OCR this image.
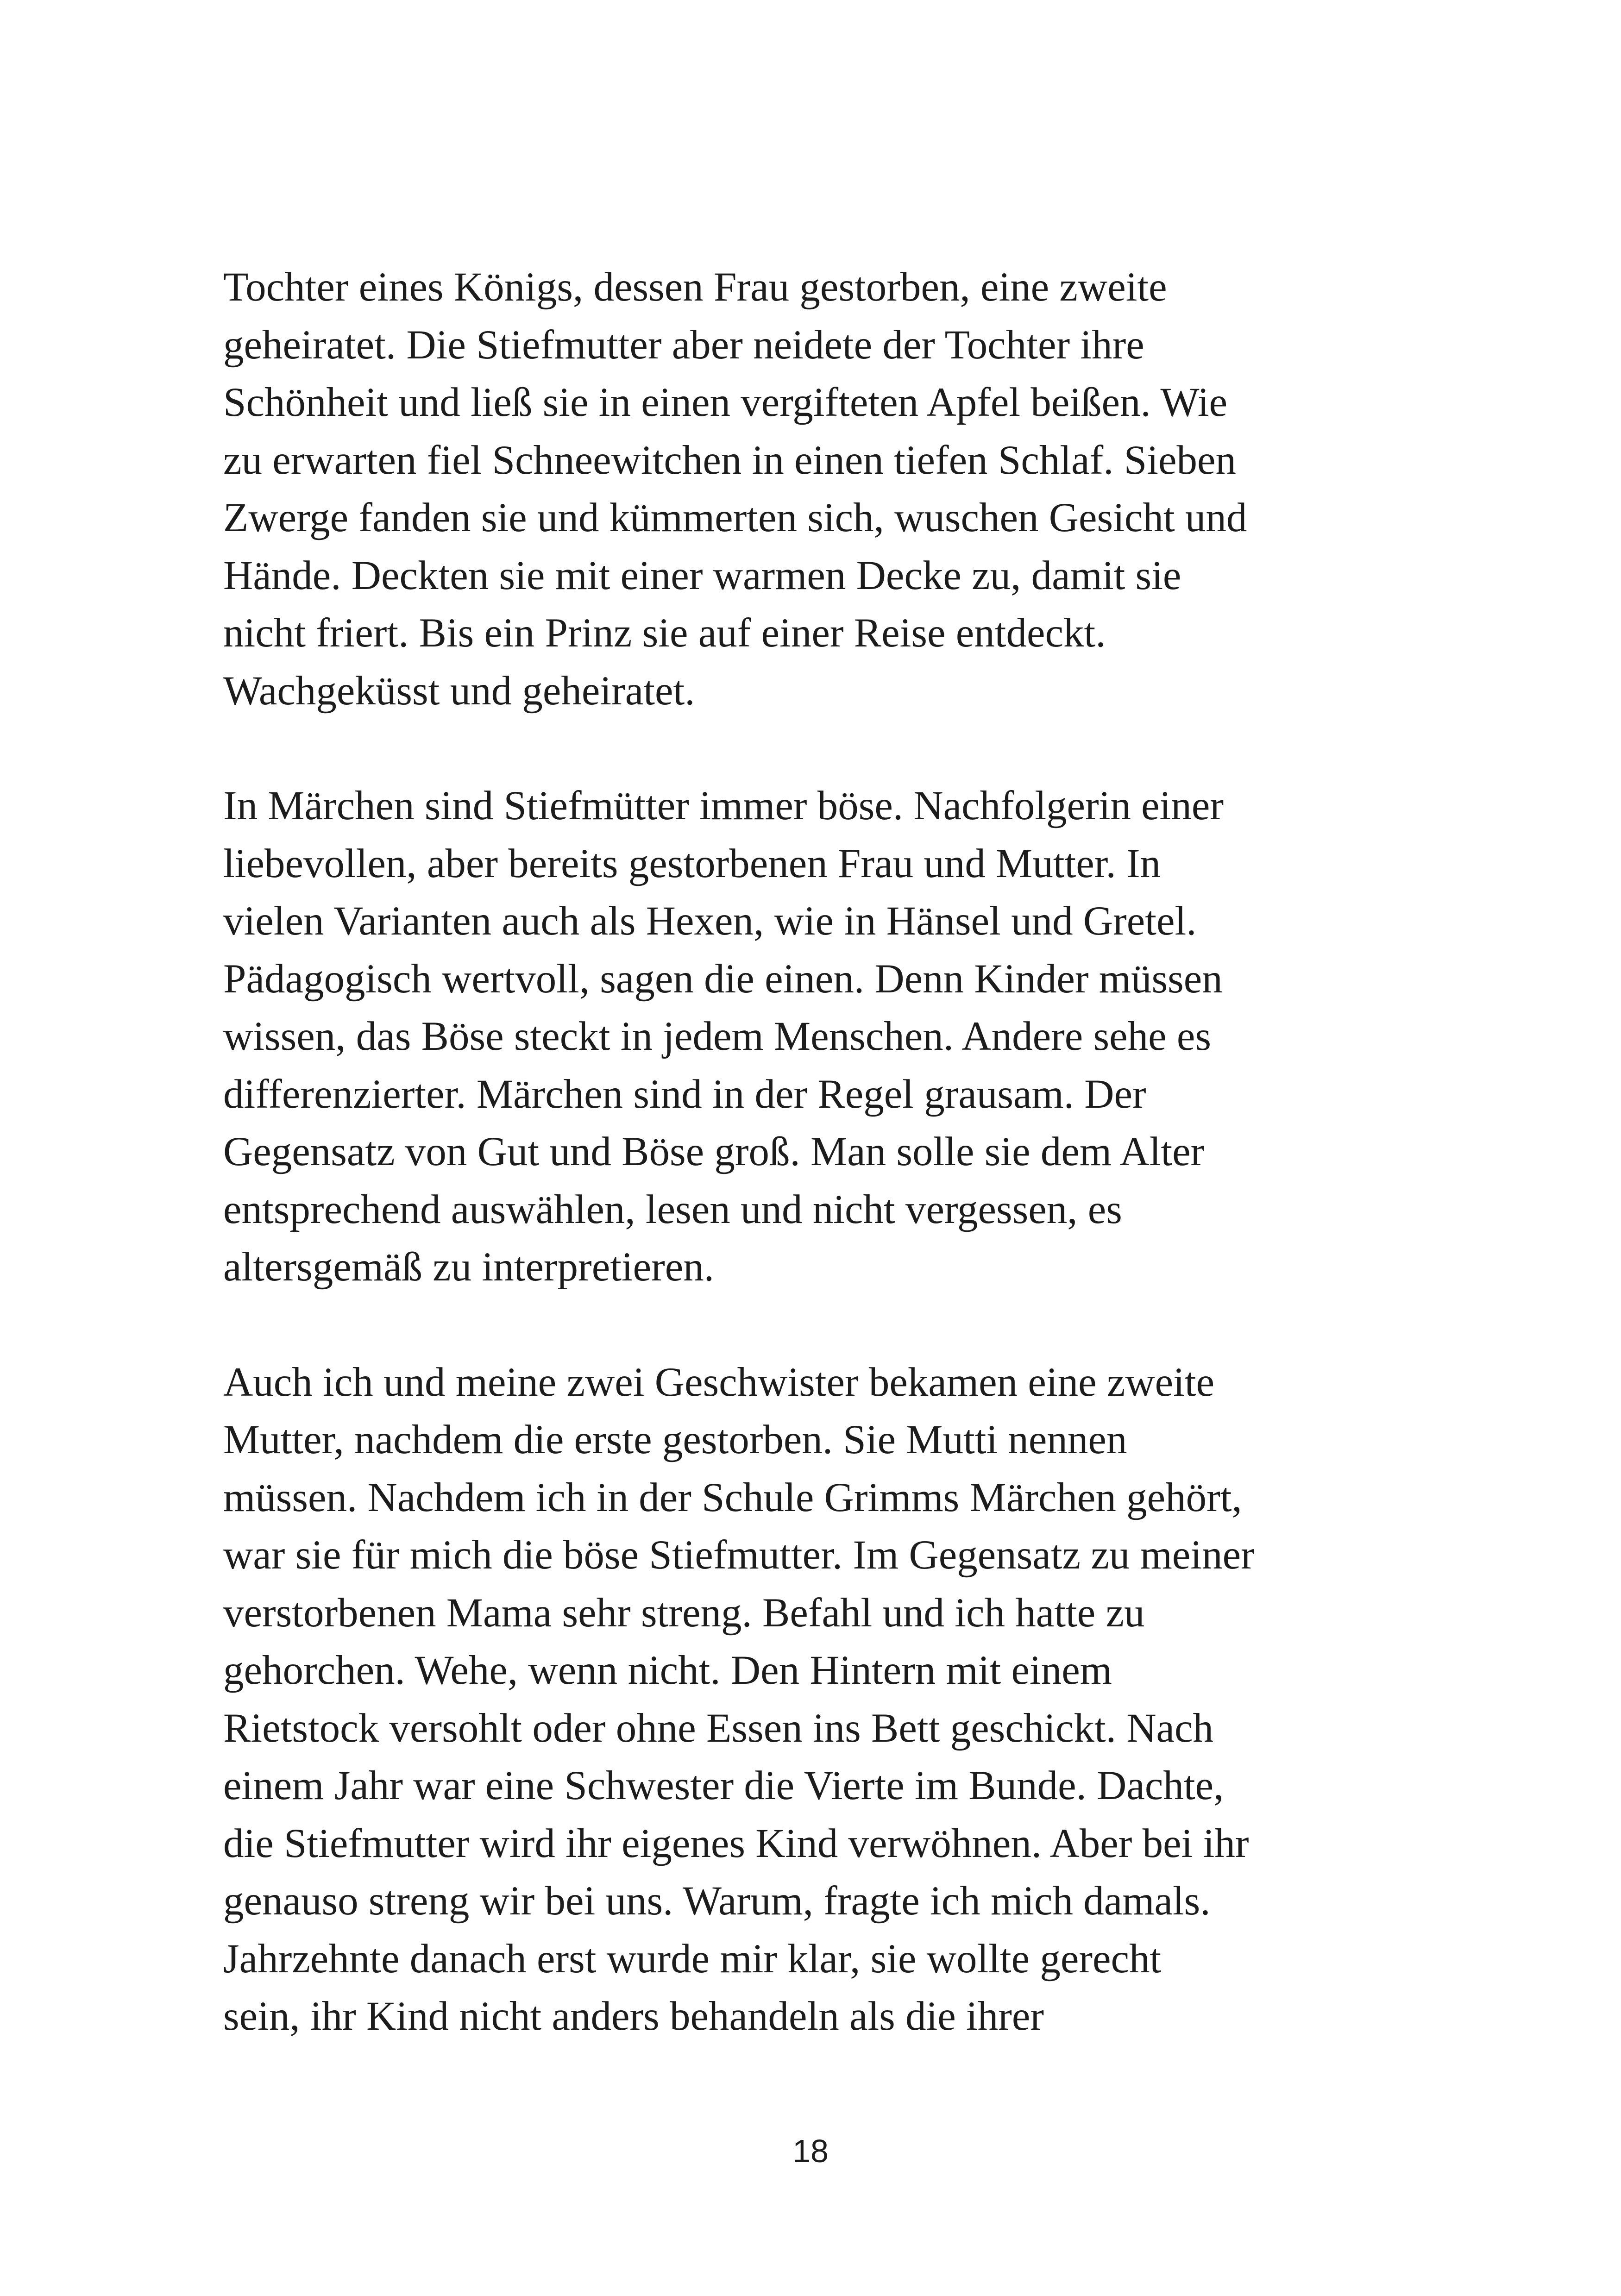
Tochter eines Königs, dessen Frau gestorben, eine zweite
geheiratet. Die Stiefmutter aber neidete der Tochter ihre
Schönheit und ließ sie in einen vergifteten Apfel beißen. Wie
zu erwarten fiel Schneewitchen in einen tiefen Schlaf. Sieben
Zwerge fanden sie und kümmerten sich, wuschen Gesicht und
Hände. Deckten sie mit einer warmen Decke zu, damit sie
nicht friert. Bis ein Prinz sie auf einer Reise entdeckt.
Wachgeküsst und geheiratet.

In Märchen sind Stiefmütter immer böse. Nachfolgerin einer
liebevollen, aber bereits gestorbenen Frau und Mutter. In
vielen Varianten auch als Hexen, wie in Hänsel und Gretel.
Pädagogisch wertvoll, sagen die einen. Denn Kinder müssen
wissen, das Böse steckt in jedem Menschen. Andere sehe es
differenzierter. Märchen sind in der Regel grausam. Der
Gegensatz von Gut und Böse groß. Man solle sie dem Alter
entsprechend auswählen, lesen und nicht vergessen, es
altersgemäß zu interpretieren.

Auch ich und meine zwei Geschwister bekamen eine zweite
Mutter, nachdem die erste gestorben. Sie Mutti nennen
müssen. Nachdem ich in der Schule Grimms Märchen gehört,
war sie für mich die böse Stiefmutter. Im Gegensatz zu meiner
verstorbenen Mama sehr streng. Befahl und ich hatte zu
gehorchen. Wehe, wenn nicht. Den Hintern mit einem
Rietstock versohlt oder ohne Essen ins Bett geschickt. Nach
einem Jahr war eine Schwester die Vierte im Bunde. Dachte,
die Stiefmutter wird ihr eigenes Kind verwöhnen. Aber bei ihr
genauso streng wir bei uns. Warum, fragte ich mich damals.
Jahrzehnte danach erst wurde mir klar, sie wollte gerecht
sein, ihr Kind nicht anders behandeln als die ihrer

18
